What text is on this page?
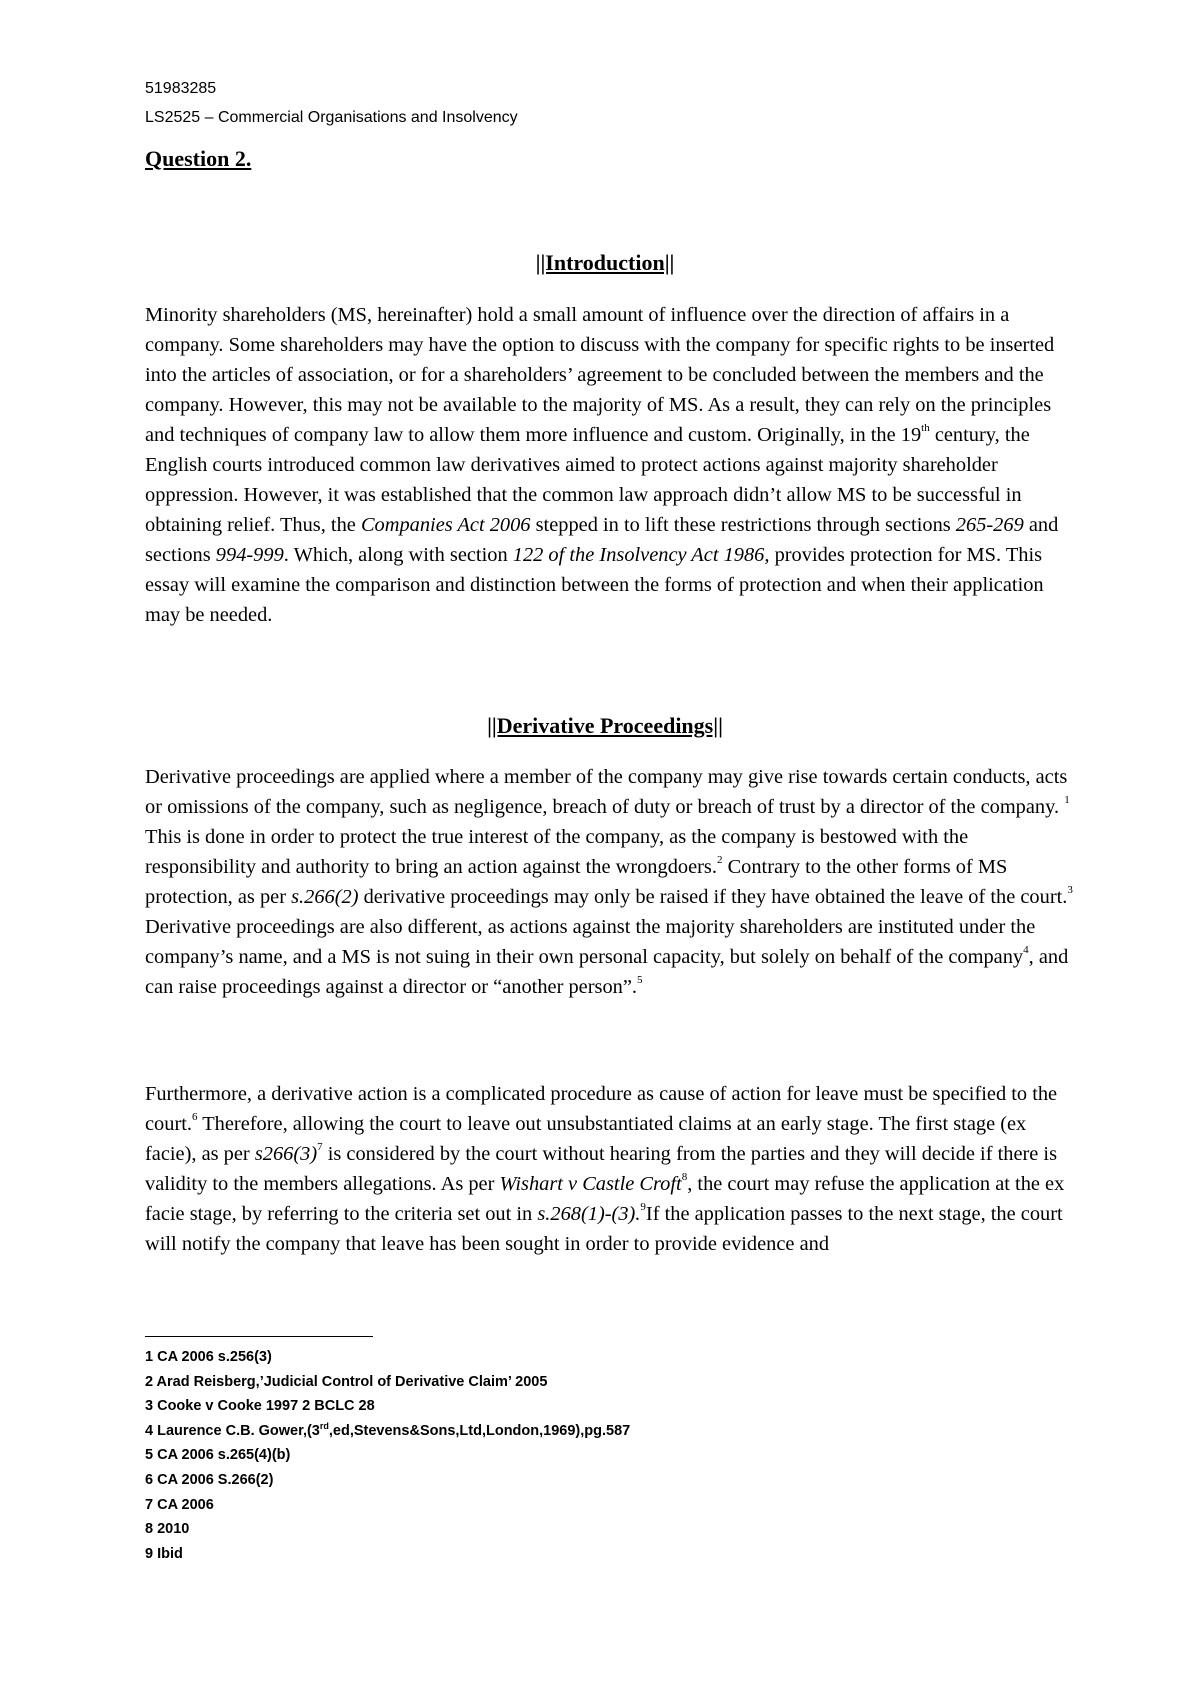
51983285
LS2525 – Commercial Organisations and Insolvency
Question 2.
||Introduction||
Minority shareholders (MS, hereinafter) hold a small amount of influence over the direction of affairs in a company. Some shareholders may have the option to discuss with the company for specific rights to be inserted into the articles of association, or for a shareholders’ agreement to be concluded between the members and the company. However, this may not be available to the majority of MS. As a result, they can rely on the principles and techniques of company law to allow them more influence and custom. Originally, in the 19th century, the English courts introduced common law derivatives aimed to protect actions against majority shareholder oppression. However, it was established that the common law approach didn’t allow MS to be successful in obtaining relief. Thus, the Companies Act 2006 stepped in to lift these restrictions through sections 265-269 and sections 994-999. Which, along with section 122 of the Insolvency Act 1986, provides protection for MS. This essay will examine the comparison and distinction between the forms of protection and when their application may be needed.
||Derivative Proceedings||
Derivative proceedings are applied where a member of the company may give rise towards certain conducts, acts or omissions of the company, such as negligence, breach of duty or breach of trust by a director of the company. $^1$ This is done in order to protect the true interest of the company, as the company is bestowed with the responsibility and authority to bring an action against the wrongdoers.$^2$ Contrary to the other forms of MS protection, as per s.266(2) derivative proceedings may only be raised if they have obtained the leave of the court.$^3$ Derivative proceedings are also different, as actions against the majority shareholders are instituted under the company’s name, and a MS is not suing in their own personal capacity, but solely on behalf of the company$^4$, and can raise proceedings against a director or “another person”.$^5$
Furthermore, a derivative action is a complicated procedure as cause of action for leave must be specified to the court.$^6$ Therefore, allowing the court to leave out unsubstantiated claims at an early stage. The first stage (ex facie), as per $s266(3)^7$ is considered by the court without hearing from the parties and they will decide if there is validity to the members allegations. As per Wishart v Castle Croft$^8$, the court may refuse the application at the ex facie stage, by referring to the criteria set out in s.268(1)-(3).$^9$If the application passes to the next stage, the court will notify the company that leave has been sought in order to provide evidence and
1 CA 2006 s.256(3)
2 Arad Reisberg,’Judicial Control of Derivative Claim’ 2005
3 Cooke v Cooke 1997 2 BCLC 28
4 Laurence C.B. Gower,(3rd,ed,Stevens&Sons,Ltd,London,1969),pg.587
5 CA 2006 s.265(4)(b)
6 CA 2006 S.266(2)
7 CA 2006
8 2010
9 Ibid
